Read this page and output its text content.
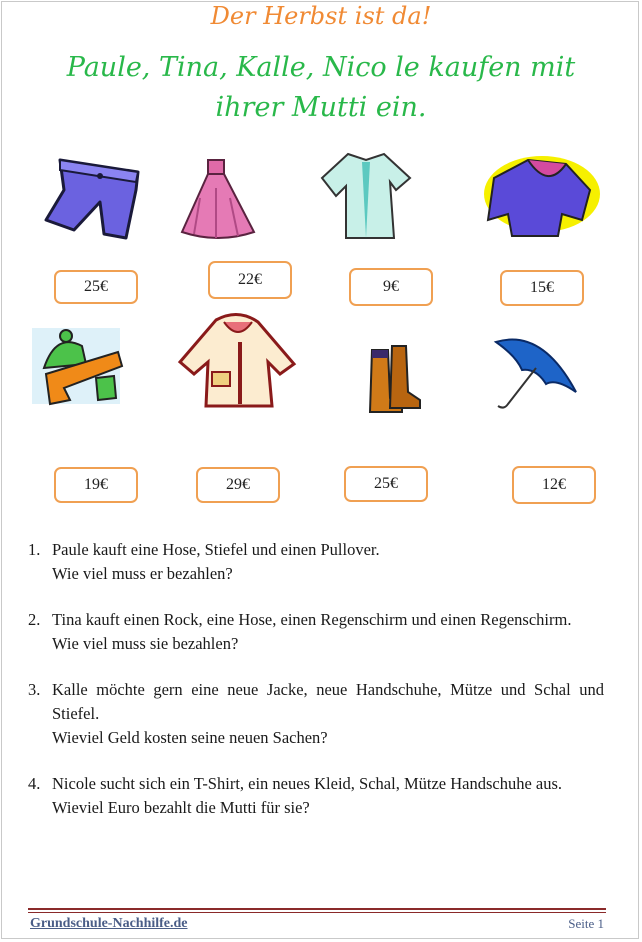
Der Herbst ist da!
Paule, Tina, Kalle, Nico le kaufen mit
ihrer Mutti ein.
25€	22€	9€	15€
19€	29€	25€	12€
1. Paule kauft eine Hose, Stiefel und einen Pullover.
Wie viel muss er bezahlen?
2. Tina kauft einen Rock, eine Hose, einen Regenschirm und einen Regenschirm.
Wie viel muss sie bezahlen?
3. Kalle möchte gern eine neue Jacke, neue Handschuhe, Mütze und Schal und Stiefel.
Wieviel Geld kosten seine neuen Sachen?
4. Nicole sucht sich ein T-Shirt, ein neues Kleid, Schal, Mütze Handschuhe aus.
Wieviel Euro bezahlt die Mutti für sie?
Grundschule-Nachhilfe.de	Seite 1
